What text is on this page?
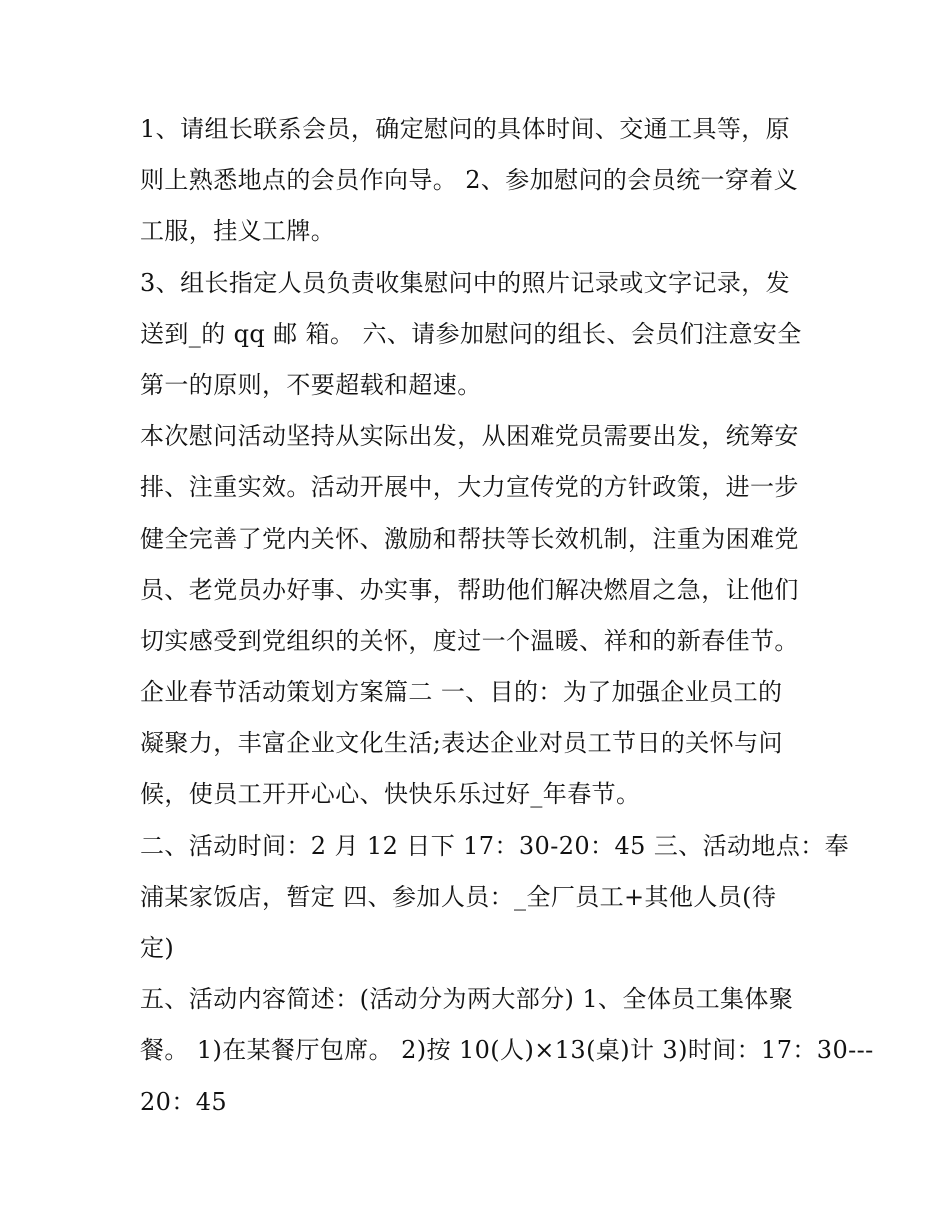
1、请组长联系会员，确定慰问的具体时间、交通工具等，原
则上熟悉地点的会员作向导。 2、参加慰问的会员统一穿着义
工服，挂义工牌。
3、组长指定人员负责收集慰问中的照片记录或文字记录，发
送到_的 qq 邮 箱。 六、请参加慰问的组长、会员们注意安全
第一的原则，不要超载和超速。
本次慰问活动坚持从实际出发，从困难党员需要出发，统筹安
排、注重实效。活动开展中，大力宣传党的方针政策，进一步
健全完善了党内关怀、激励和帮扶等长效机制，注重为困难党
员、老党员办好事、办实事，帮助他们解决燃眉之急，让他们
切实感受到党组织的关怀，度过一个温暖、祥和的新春佳节。
企业春节活动策划方案篇二 一、目的：为了加强企业员工的
凝聚力，丰富企业文化生活;表达企业对员工节日的关怀与问
候，使员工开开心心、快快乐乐过好_年春节。
二、活动时间：2 月 12 日下 17：30-20：45 三、活动地点：奉
浦某家饭店，暂定 四、参加人员：_全厂员工+其他人员(待
定)
五、活动内容简述：(活动分为两大部分) 1、全体员工集体聚
餐。 1)在某餐厅包席。 2)按 10(人)×13(桌)计 3)时间：17：30---
20：45
